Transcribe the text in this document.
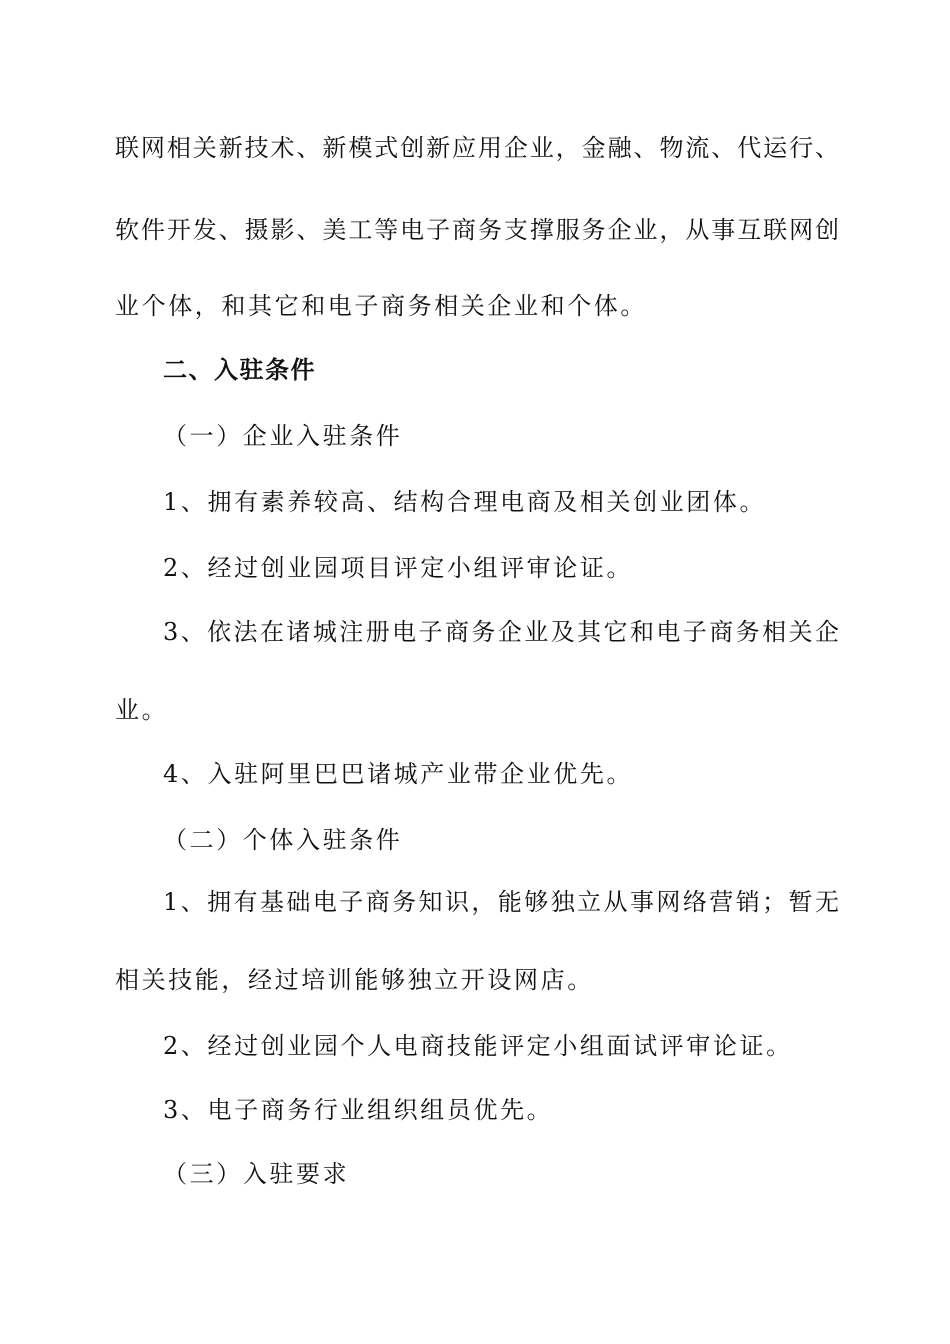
联网相关新技术、新模式创新应用企业，金融、物流、代运行、
软件开发、摄影、美工等电子商务支撑服务企业，从事互联网创
业个体，和其它和电子商务相关企业和个体。
二、入驻条件
（一）企业入驻条件
1、拥有素养较高、结构合理电商及相关创业团体。
2、经过创业园项目评定小组评审论证。
3、依法在诸城注册电子商务企业及其它和电子商务相关企
业。
4、入驻阿里巴巴诸城产业带企业优先。
（二）个体入驻条件
1、拥有基础电子商务知识，能够独立从事网络营销；暂无
相关技能，经过培训能够独立开设网店。
2、经过创业园个人电商技能评定小组面试评审论证。
3、电子商务行业组织组员优先。
（三）入驻要求
